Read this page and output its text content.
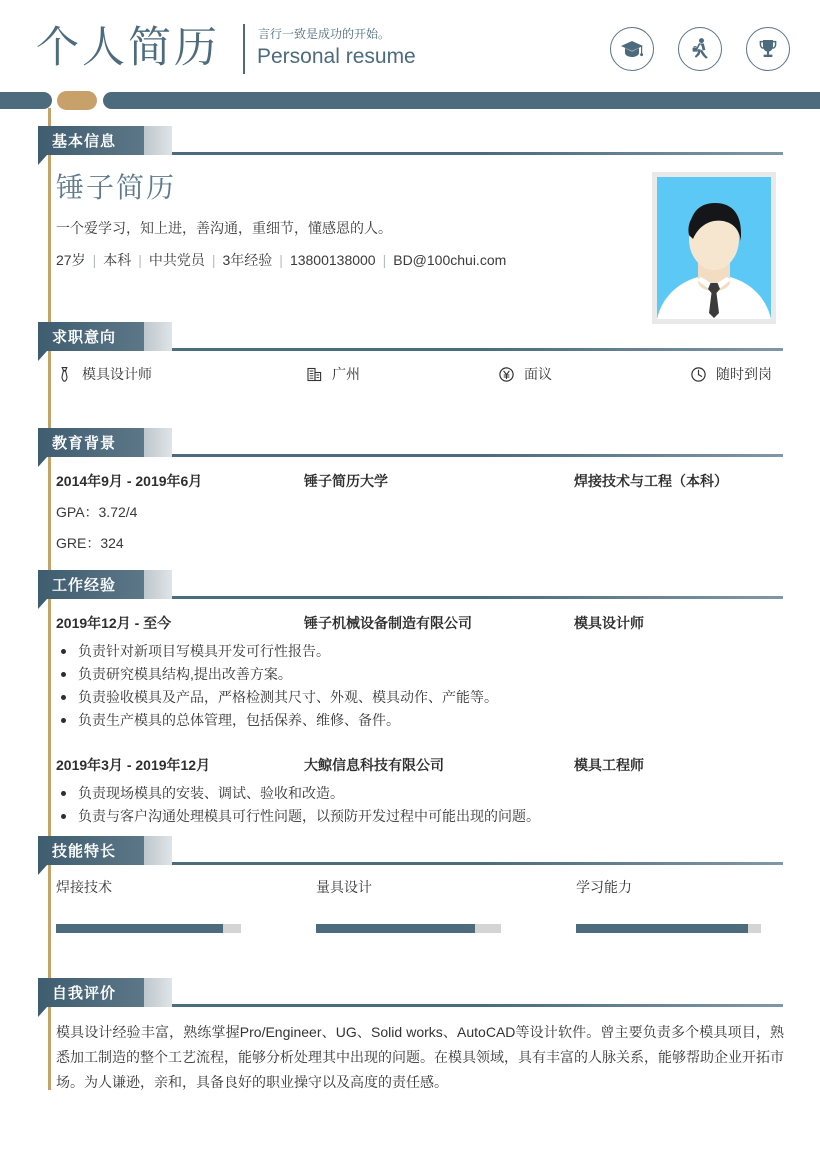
个人简历	言行一致是成功的开始。
Personal resume
基本信息
锤子简历
一个爱学习，知上进，善沟通，重细节，懂感恩的人。
27岁 | 本科 | 中共党员 | 3年经验 | 13800138000 | BD@100chui.com
求职意向
模具设计师	广州	面议	随时到岗
教育背景
2014年9月 - 2019年6月	锤子简历大学	焊接技术与工程（本科）
GPA：3.72/4
GRE：324
工作经验
2019年12月 - 至今	锤子机械设备制造有限公司	模具设计师
负责针对新项目写模具开发可行性报告。
负责研究模具结构,提出改善方案。
负责验收模具及产品，严格检测其尺寸、外观、模具动作、产能等。
负责生产模具的总体管理，包括保养、维修、备件。
2019年3月 - 2019年12月	大鲸信息科技有限公司	模具工程师
负责现场模具的安装、调试、验收和改造。
负责与客户沟通处理模具可行性问题，以预防开发过程中可能出现的问题。
技能特长
焊接技术	量具设计	学习能力
自我评价
模具设计经验丰富，熟练掌握Pro/Engineer、UG、Solid works、AutoCAD等设计软件。曾主要负责多个模具项目，熟悉加工制造的整个工艺流程，能够分析处理其中出现的问题。在模具领域，具有丰富的人脉关系，能够帮助企业开拓市场。为人谦逊，亲和，具备良好的职业操守以及高度的责任感。
